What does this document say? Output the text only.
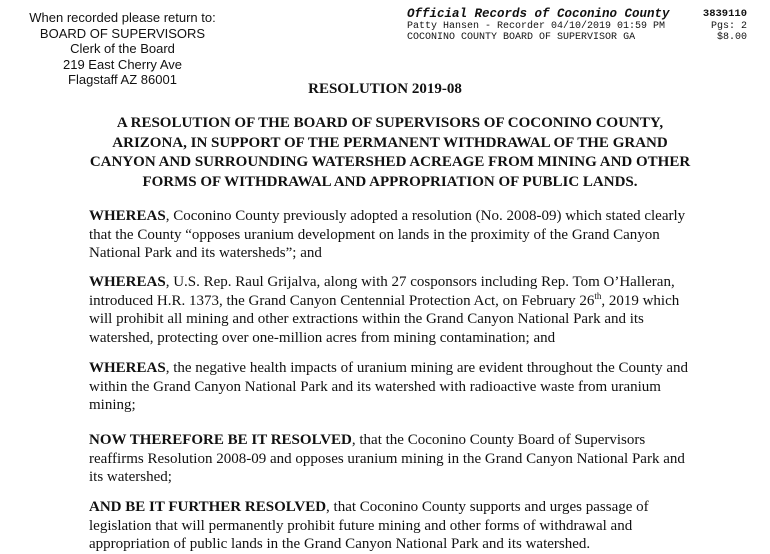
When recorded please return to:
BOARD OF SUPERVISORS
Clerk of the Board
219 East Cherry Ave
Flagstaff AZ 86001
Official Records of Coconino County	3839110
Patty Hansen - Recorder 04/10/2019 01:59 PM	Pgs: 2
COCONINO COUNTY BOARD OF SUPERVISOR GA	$8.00
RESOLUTION 2019-08
A RESOLUTION OF THE BOARD OF SUPERVISORS OF COCONINO COUNTY, ARIZONA, IN SUPPORT OF THE PERMANENT WITHDRAWAL OF THE GRAND CANYON AND SURROUNDING WATERSHED ACREAGE FROM MINING AND OTHER FORMS OF WITHDRAWAL AND APPROPRIATION OF PUBLIC LANDS.
WHEREAS, Coconino County previously adopted a resolution (No. 2008-09) which stated clearly that the County “opposes uranium development on lands in the proximity of the Grand Canyon National Park and its watersheds”; and
WHEREAS, U.S. Rep. Raul Grijalva, along with 27 cosponsors including Rep. Tom O’Halleran, introduced H.R. 1373, the Grand Canyon Centennial Protection Act, on February 26th, 2019 which will prohibit all mining and other extractions within the Grand Canyon National Park and its watershed, protecting over one-million acres from mining contamination; and
WHEREAS, the negative health impacts of uranium mining are evident throughout the County and within the Grand Canyon National Park and its watershed with radioactive waste from uranium mining;
NOW THEREFORE BE IT RESOLVED, that the Coconino County Board of Supervisors reaffirms Resolution 2008-09 and opposes uranium mining in the Grand Canyon National Park and its watershed;
AND BE IT FURTHER RESOLVED, that Coconino County supports and urges passage of legislation that will permanently prohibit future mining and other forms of withdrawal and appropriation of public lands in the Grand Canyon National Park and its watershed.
